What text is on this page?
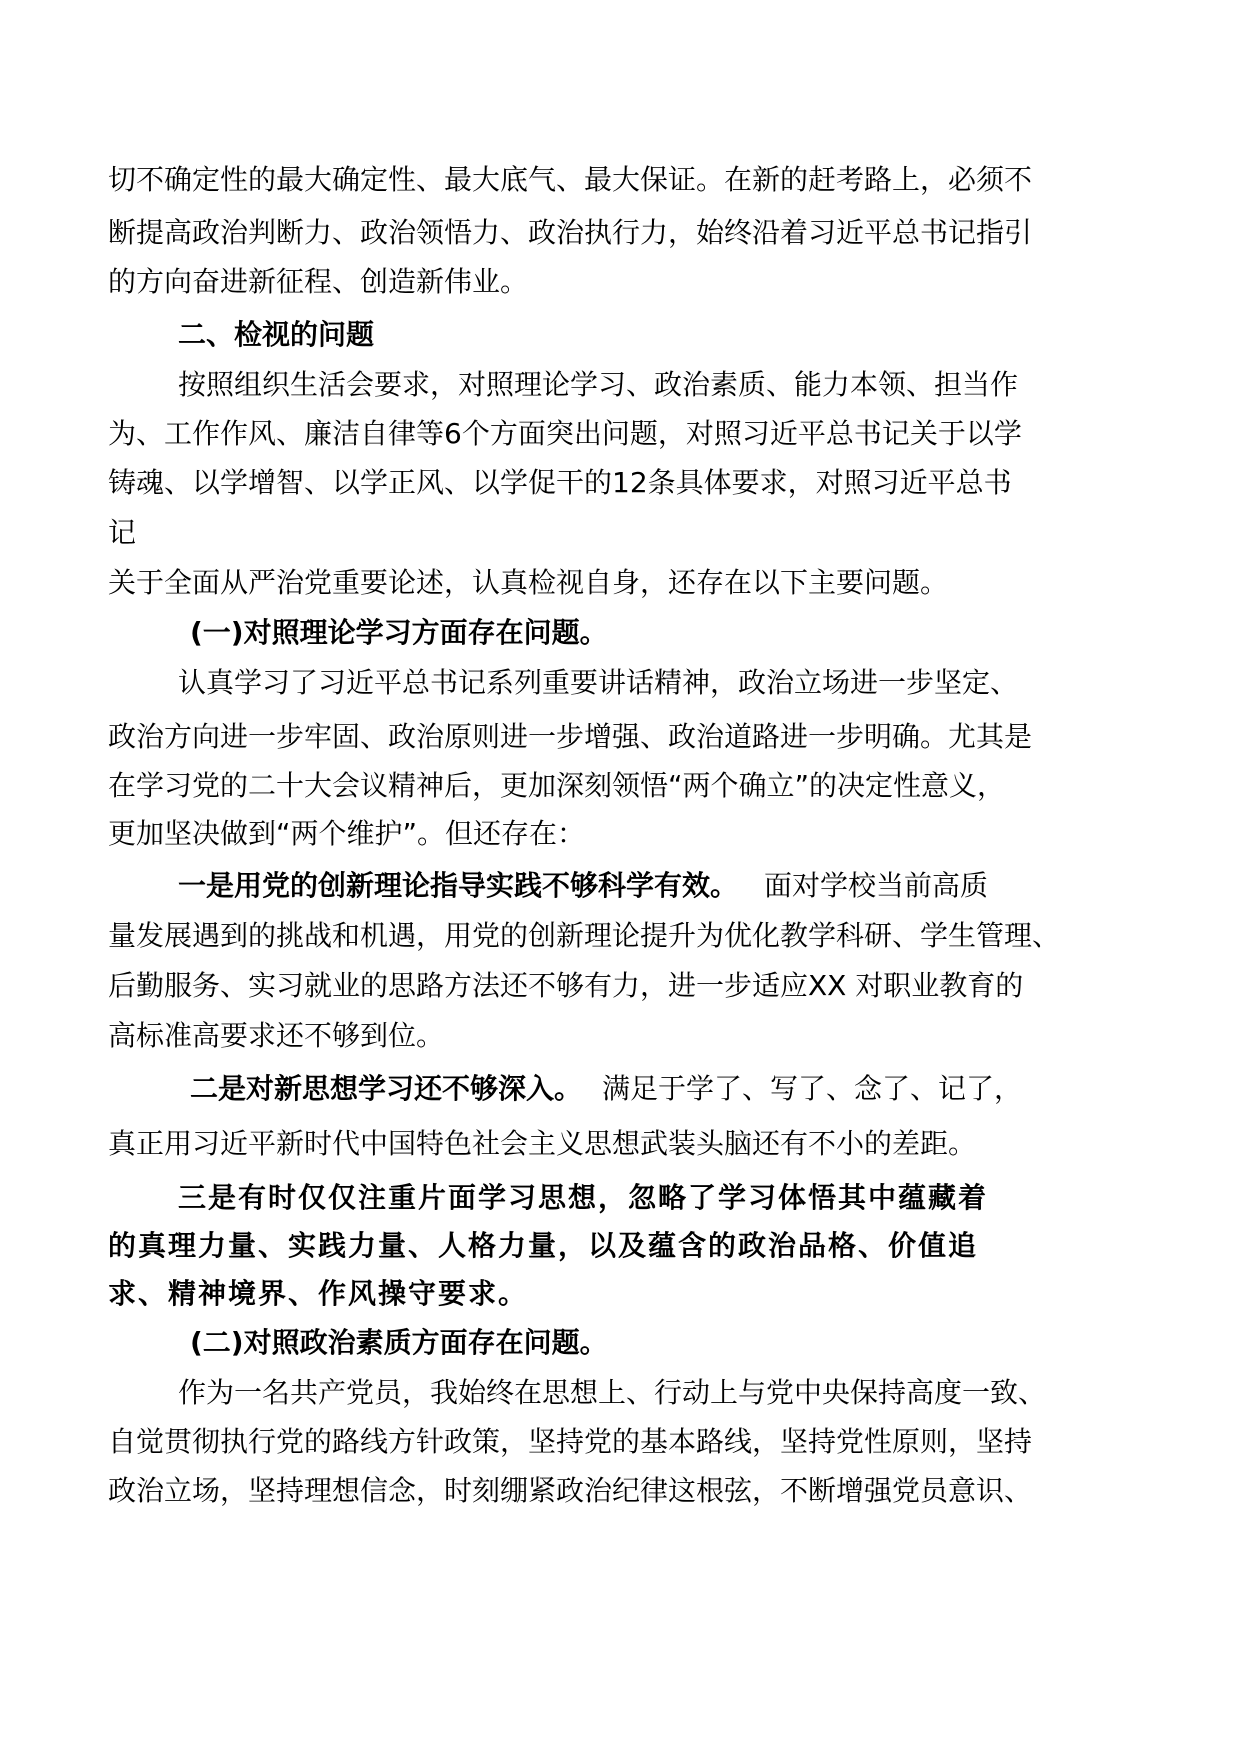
切不确定性的最大确定性、最大底气、最大保证。在新的赶考路上，必须不
断提高政治判断力、政治领悟力、政治执行力，始终沿着习近平总书记指引
的方向奋进新征程、创造新伟业。
二、检视的问题
按照组织生活会要求，对照理论学习、政治素质、能力本领、担当作
为、工作作风、廉洁自律等6个方面突出问题，对照习近平总书记关于以学
铸魂、以学增智、以学正风、以学促干的12条具体要求，对照习近平总书
记
关于全面从严治党重要论述，认真检视自身，还存在以下主要问题。
(一)对照理论学习方面存在问题。
认真学习了习近平总书记系列重要讲话精神，政治立场进一步坚定、
政治方向进一步牢固、政治原则进一步增强、政治道路进一步明确。尤其是
在学习党的二十大会议精神后，更加深刻领悟“两个确立”的决定性意义，
更加坚决做到“两个维护”。但还存在：
一是用党的创新理论指导实践不够科学有效。 面对学校当前高质
量发展遇到的挑战和机遇，用党的创新理论提升为优化教学科研、学生管理、
后勤服务、实习就业的思路方法还不够有力，进一步适应XX 对职业教育的
高标准高要求还不够到位。
二是对新思想学习还不够深入。 满足于学了、写了、念了、记了，
真正用习近平新时代中国特色社会主义思想武装头脑还有不小的差距。
三是有时仅仅注重片面学习思想，忽略了学习体悟其中蕴藏着
的真理力量、实践力量、人格力量，以及蕴含的政治品格、价值追
求、精神境界、作风操守要求。
(二)对照政治素质方面存在问题。
作为一名共产党员，我始终在思想上、行动上与党中央保持高度一致、
自觉贯彻执行党的路线方针政策，坚持党的基本路线，坚持党性原则，坚持
政治立场，坚持理想信念，时刻绷紧政治纪律这根弦，不断增强党员意识、
